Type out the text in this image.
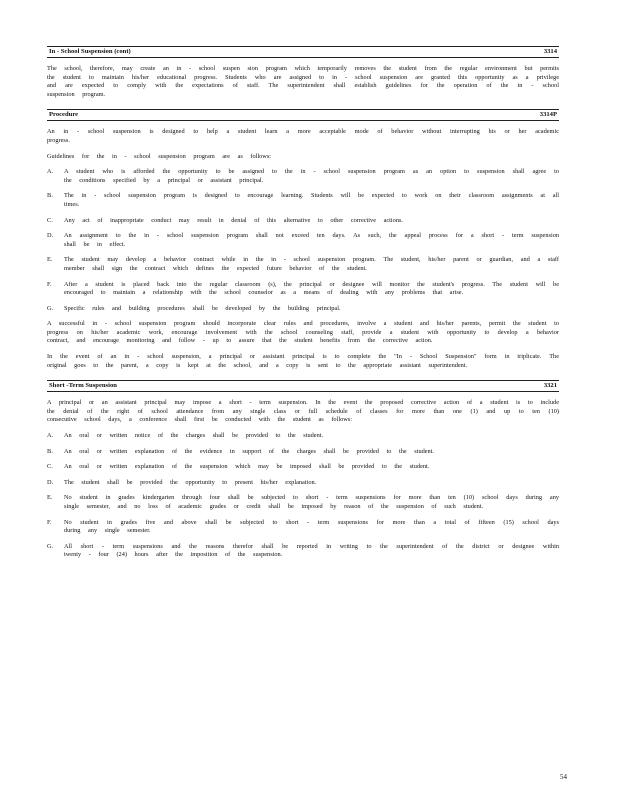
In - School Suspension (cont)	3314

The school, therefore, may create an in - school suspen sion program which temporarily removes the student from the regular environment but permits the student to maintain his/her educational progress. Students who are assigned to in - school suspension are granted this opportunity as a privilege and are expected to comply with the expectations of staff. The superintendent shall establish guidelines for the operation of the in - school suspension program.

Procedure	3314P

An in - school suspension is designed to help a student learn a more acceptable mode of behavior without interrupting his or her academic progress.

Guidelines for the in - school suspension program are as follows:

A.	A student who is afforded the opportunity to be assigned to the in - school suspension program as an option to suspension shall agree to the conditions specified by a principal or assistant principal.
B.	The in - school suspension program is designed to encourage learning. Students will be expected to work on their classroom assignments at all times.
C.	Any act of inappropriate conduct may result in denial of this alternative to other corrective actions.
D.	An assignment to the in - school suspension program shall not exceed ten days. As such, the appeal process for a short - term suspension shall be in effect.
E.	The student may develop a behavior contract while in the in - school suspension program. The student, his/her parent or guardian, and a staff member shall sign the contract which defines the expected future behavior of the student.
F.	After a student is placed back into the regular classroom (s), the principal or designee will monitor the student's progress. The student will be encouraged to maintain a relationship with the school counselor as a means of dealing with any problems that arise.
G.	Specific rules and building procedures shall be developed by the building principal.

A successful in - school suspension program should incorporate clear rules and procedures, involve a student and his/her parents, permit the student to progress on his/her academic work, encourage involvement with the school counseling staff, provide a student with opportunity to develop a behavior contract, and encourage monitoring and follow - up to assure that the student benefits from the corrective action.

In the event of an in - school suspension, a principal or assistant principal is to complete the "In - School Suspension" form in triplicate. The original goes to the parent, a copy is kept at the school, and a copy is sent to the appropriate assistant superintendent.

Short -Term Suspension	3321

A principal or an assistant principal may impose a short - term suspension. In the event the proposed corrective action of a student is to include the denial of the right of school attendance from any single class or full schedule of classes for more than one (1) and up to ten (10) consecutive school days, a conference shall first be conducted with the student as follows:

A.	An oral or written notice of the charges shall be provided to the student.
B.	An oral or written explanation of the evidence in support of the charges shall be provided to the student.
C.	An oral or written explanation of the suspension which may be imposed shall be provided to the student.
D.	The student shall be provided the opportunity to present his/her explanation.
E.	No student in grades kindergarten through four shall be subjected to short - term suspensions for more than ten (10) school days during any single semester, and no loss of academic grades or credit shall be imposed by reason of the suspension of such student.
F.	No student in grades five and above shall be subjected to short - term suspensions for more than a total of fifteen (15) school days during any single semester.
G.	All short - term suspensions and the reasons therefor shall be reported in writing to the superintendent of the district or designee within twenty - four (24) hours after the imposition of the suspension.
54
